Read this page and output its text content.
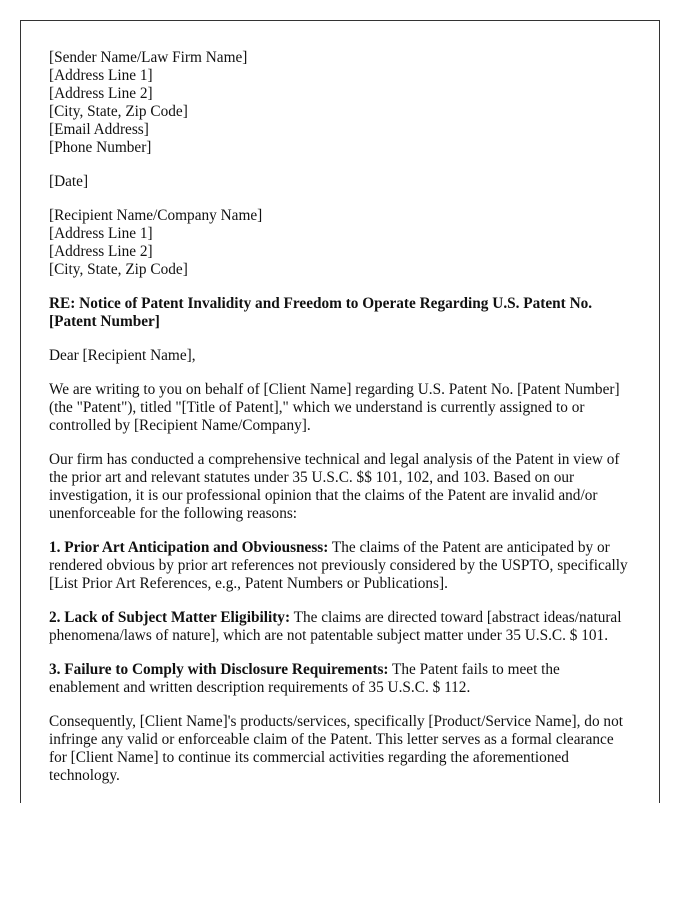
[Sender Name/Law Firm Name]
[Address Line 1]
[Address Line 2]
[City, State, Zip Code]
[Email Address]
[Phone Number]
[Date]
[Recipient Name/Company Name]
[Address Line 1]
[Address Line 2]
[City, State, Zip Code]

RE: Notice of Patent Invalidity and Freedom to Operate Regarding U.S. Patent No. [Patent Number]

Dear [Recipient Name],

We are writing to you on behalf of [Client Name] regarding U.S. Patent No. [Patent Number] (the "Patent"), titled "[Title of Patent]," which we understand is currently assigned to or controlled by [Recipient Name/Company].

Our firm has conducted a comprehensive technical and legal analysis of the Patent in view of the prior art and relevant statutes under 35 U.S.C. $$ 101, 102, and 103. Based on our investigation, it is our professional opinion that the claims of the Patent are invalid and/or unenforceable for the following reasons:

1. Prior Art Anticipation and Obviousness: The claims of the Patent are anticipated by or rendered obvious by prior art references not previously considered by the USPTO, specifically [List Prior Art References, e.g., Patent Numbers or Publications].

2. Lack of Subject Matter Eligibility: The claims are directed toward [abstract ideas/natural phenomena/laws of nature], which are not patentable subject matter under 35 U.S.C. $ 101.

3. Failure to Comply with Disclosure Requirements: The Patent fails to meet the enablement and written description requirements of 35 U.S.C. $ 112.

Consequently, [Client Name]'s products/services, specifically [Product/Service Name], do not infringe any valid or enforceable claim of the Patent. This letter serves as a formal clearance for [Client Name] to continue its commercial activities regarding the aforementioned technology.
